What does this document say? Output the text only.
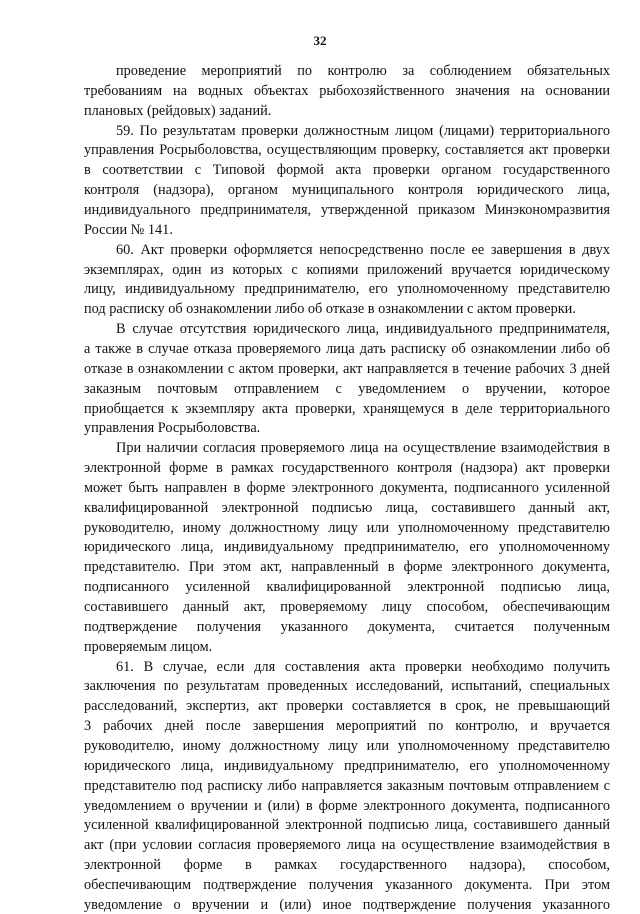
32
проведение мероприятий по контролю за соблюдением обязательных
требованиям на водных объектах рыбохозяйственного значения на основании
плановых (рейдовых) заданий.
59. По результатам проверки должностным лицом (лицами) территориального
управления Росрыболовства, осуществляющим проверку, составляется акт проверки
в соответствии с Типовой формой акта проверки органом государственного
контроля (надзора), органом муниципального контроля юридического лица,
индивидуального предпринимателя, утвержденной приказом Минэкономразвития
России № 141.
60. Акт проверки оформляется непосредственно после ее завершения в двух
экземплярах, один из которых с копиями приложений вручается юридическому
лицу, индивидуальному предпринимателю, его уполномоченному представителю
под расписку об ознакомлении либо об отказе в ознакомлении с актом проверки.
В случае отсутствия юридического лица, индивидуального предпринимателя,
а также в случае отказа проверяемого лица дать расписку об ознакомлении либо об
отказе в ознакомлении с актом проверки, акт направляется в течение рабочих 3 дней
заказным почтовым отправлением с уведомлением о вручении, которое
приобщается к экземпляру акта проверки, хранящемуся в деле территориального
управления Росрыболовства.
При наличии согласия проверяемого лица на осуществление взаимодействия в
электронной форме в рамках государственного контроля (надзора) акт проверки
может быть направлен в форме электронного документа, подписанного усиленной
квалифицированной электронной подписью лица, составившего данный акт,
руководителю, иному должностному лицу или уполномоченному представителю
юридического лица, индивидуальному предпринимателю, его уполномоченному
представителю. При этом акт, направленный в форме электронного документа,
подписанного усиленной квалифицированной электронной подписью лица,
составившего данный акт, проверяемому лицу способом, обеспечивающим
подтверждение получения указанного документа, считается полученным
проверяемым лицом.
61. В случае, если для составления акта проверки необходимо получить
заключения по результатам проведенных исследований, испытаний, специальных
расследований, экспертиз, акт проверки составляется в срок, не превышающий
3 рабочих дней после завершения мероприятий по контролю, и вручается
руководителю, иному должностному лицу или уполномоченному представителю
юридического лица, индивидуальному предпринимателю, его уполномоченному
представителю под расписку либо направляется заказным почтовым отправлением с
уведомлением о вручении и (или) в форме электронного документа, подписанного
усиленной квалифицированной электронной подписью лица, составившего данный
акт (при условии согласия проверяемого лица на осуществление взаимодействия в
электронной форме в рамках государственного надзора), способом,
обеспечивающим подтверждение получения указанного документа. При этом
уведомление о вручении и (или) иное подтверждение получения указанного
